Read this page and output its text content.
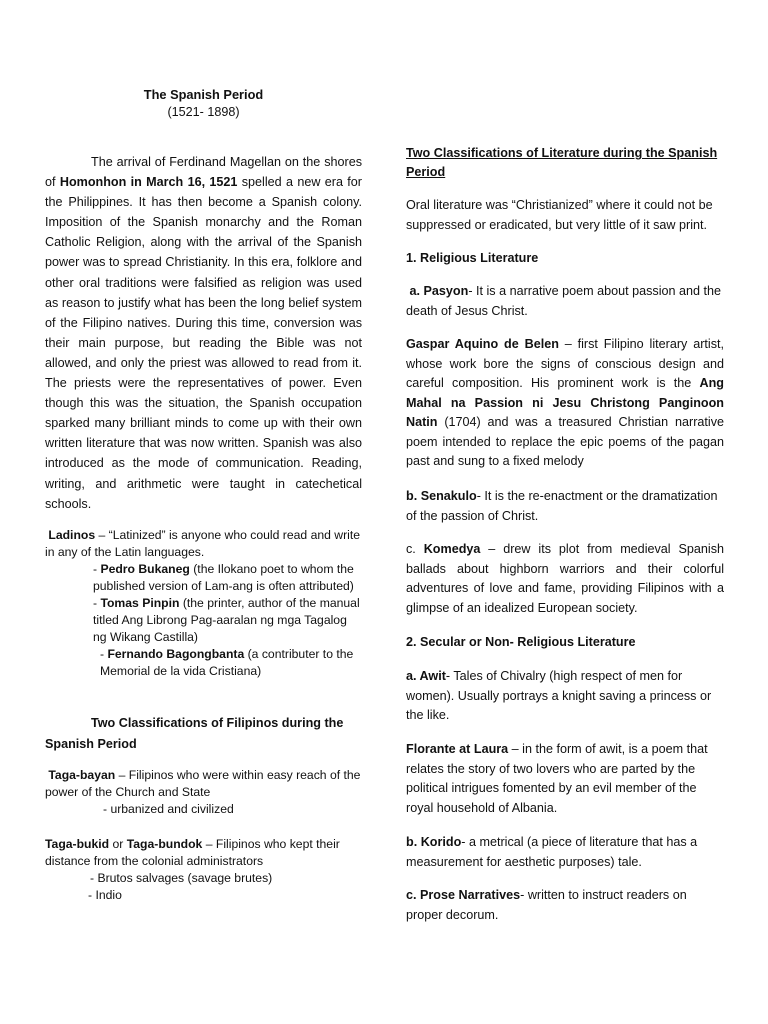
The Spanish Period
(1521- 1898)
The arrival of Ferdinand Magellan on the shores of Homonhon in March 16, 1521 spelled a new era for the Philippines. It has then become a Spanish colony. Imposition of the Spanish monarchy and the Roman Catholic Religion, along with the arrival of the Spanish power was to spread Christianity. In this era, folklore and other oral traditions were falsified as religion was used as reason to justify what has been the long belief system of the Filipino natives. During this time, conversion was their main purpose, but reading the Bible was not allowed, and only the priest was allowed to read from it. The priests were the representatives of power. Even though this was the situation, the Spanish occupation sparked many brilliant minds to come up with their own written literature that was now written. Spanish was also introduced as the mode of communication. Reading, writing, and arithmetic were taught in catechetical schools.
Ladinos – “Latinized” is anyone who could read and write in any of the Latin languages.
- Pedro Bukaneg (the Ilokano poet to whom the published version of Lam-ang is often attributed)
- Tomas Pinpin (the printer, author of the manual titled Ang Librong Pag-aaralan ng mga Tagalog ng Wikang Castilla)
- Fernando Bagongbanta (a contributer to the Memorial de la vida Cristiana)
Two Classifications of Filipinos during the Spanish Period
Taga-bayan – Filipinos who were within easy reach of the power of the Church and State
- urbanized and civilized
Taga-bukid or Taga-bundok – Filipinos who kept their distance from the colonial administrators
- Brutos salvages (savage brutes)
- Indio
Two Classifications of Literature during the Spanish Period
Oral literature was “Christianized” where it could not be suppressed or eradicated, but very little of it saw print.
1. Religious Literature
a. Pasyon- It is a narrative poem about passion and the death of Jesus Christ.
Gaspar Aquino de Belen – first Filipino literary artist, whose work bore the signs of conscious design and careful composition. His prominent work is the Ang Mahal na Passion ni Jesu Christong Panginoon Natin (1704) and was a treasured Christian narrative poem intended to replace the epic poems of the pagan past and sung to a fixed melody
b. Senakulo- It is the re-enactment or the dramatization of the passion of Christ.
c. Komedya – drew its plot from medieval Spanish ballads about highborn warriors and their colorful adventures of love and fame, providing Filipinos with a glimpse of an idealized European society.
2. Secular or Non- Religious Literature
a. Awit- Tales of Chivalry (high respect of men for women). Usually portrays a knight saving a princess or the like.
Florante at Laura – in the form of awit, is a poem that relates the story of two lovers who are parted by the political intrigues fomented by an evil member of the royal household of Albania.
b. Korido- a metrical (a piece of literature that has a measurement for aesthetic purposes) tale.
c. Prose Narratives- written to instruct readers on proper decorum.
